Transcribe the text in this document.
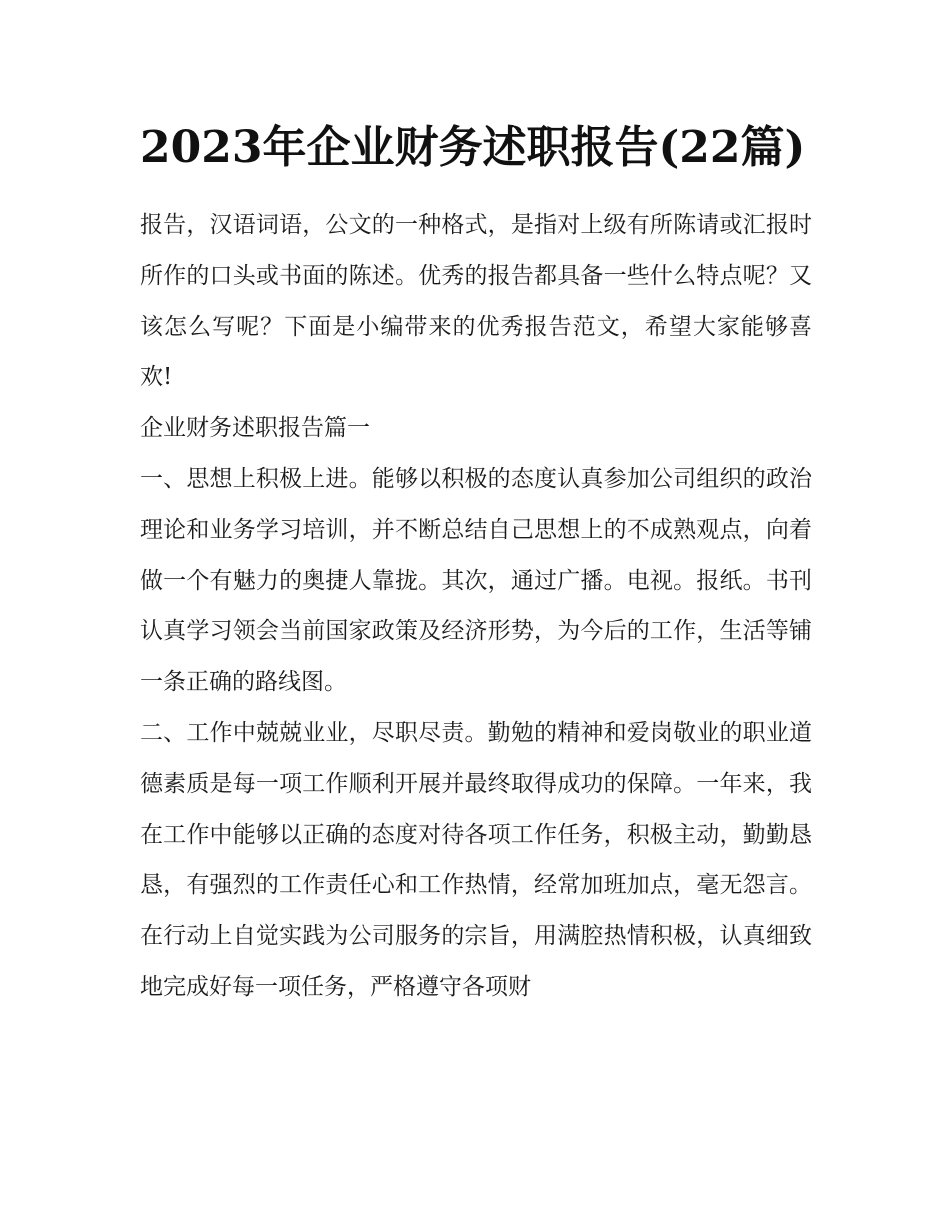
2023年企业财务述职报告(22篇)

报告，汉语词语，公文的一种格式，是指对上级有所陈请或汇报时所作的口头或书面的陈述。优秀的报告都具备一些什么特点呢？又该怎么写呢？下面是小编带来的优秀报告范文，希望大家能够喜欢!

企业财务述职报告篇一

一、思想上积极上进。能够以积极的态度认真参加公司组织的政治理论和业务学习培训，并不断总结自己思想上的不成熟观点，向着做一个有魅力的奥捷人靠拢。其次，通过广播。电视。报纸。书刊认真学习领会当前国家政策及经济形势，为今后的工作，生活等铺一条正确的路线图。

二、工作中兢兢业业，尽职尽责。勤勉的精神和爱岗敬业的职业道德素质是每一项工作顺利开展并最终取得成功的保障。一年来，我在工作中能够以正确的态度对待各项工作任务，积极主动，勤勤恳恳，有强烈的工作责任心和工作热情，经常加班加点，毫无怨言。在行动上自觉实践为公司服务的宗旨，用满腔热情积极，认真细致地完成好每一项任务，严格遵守各项财
